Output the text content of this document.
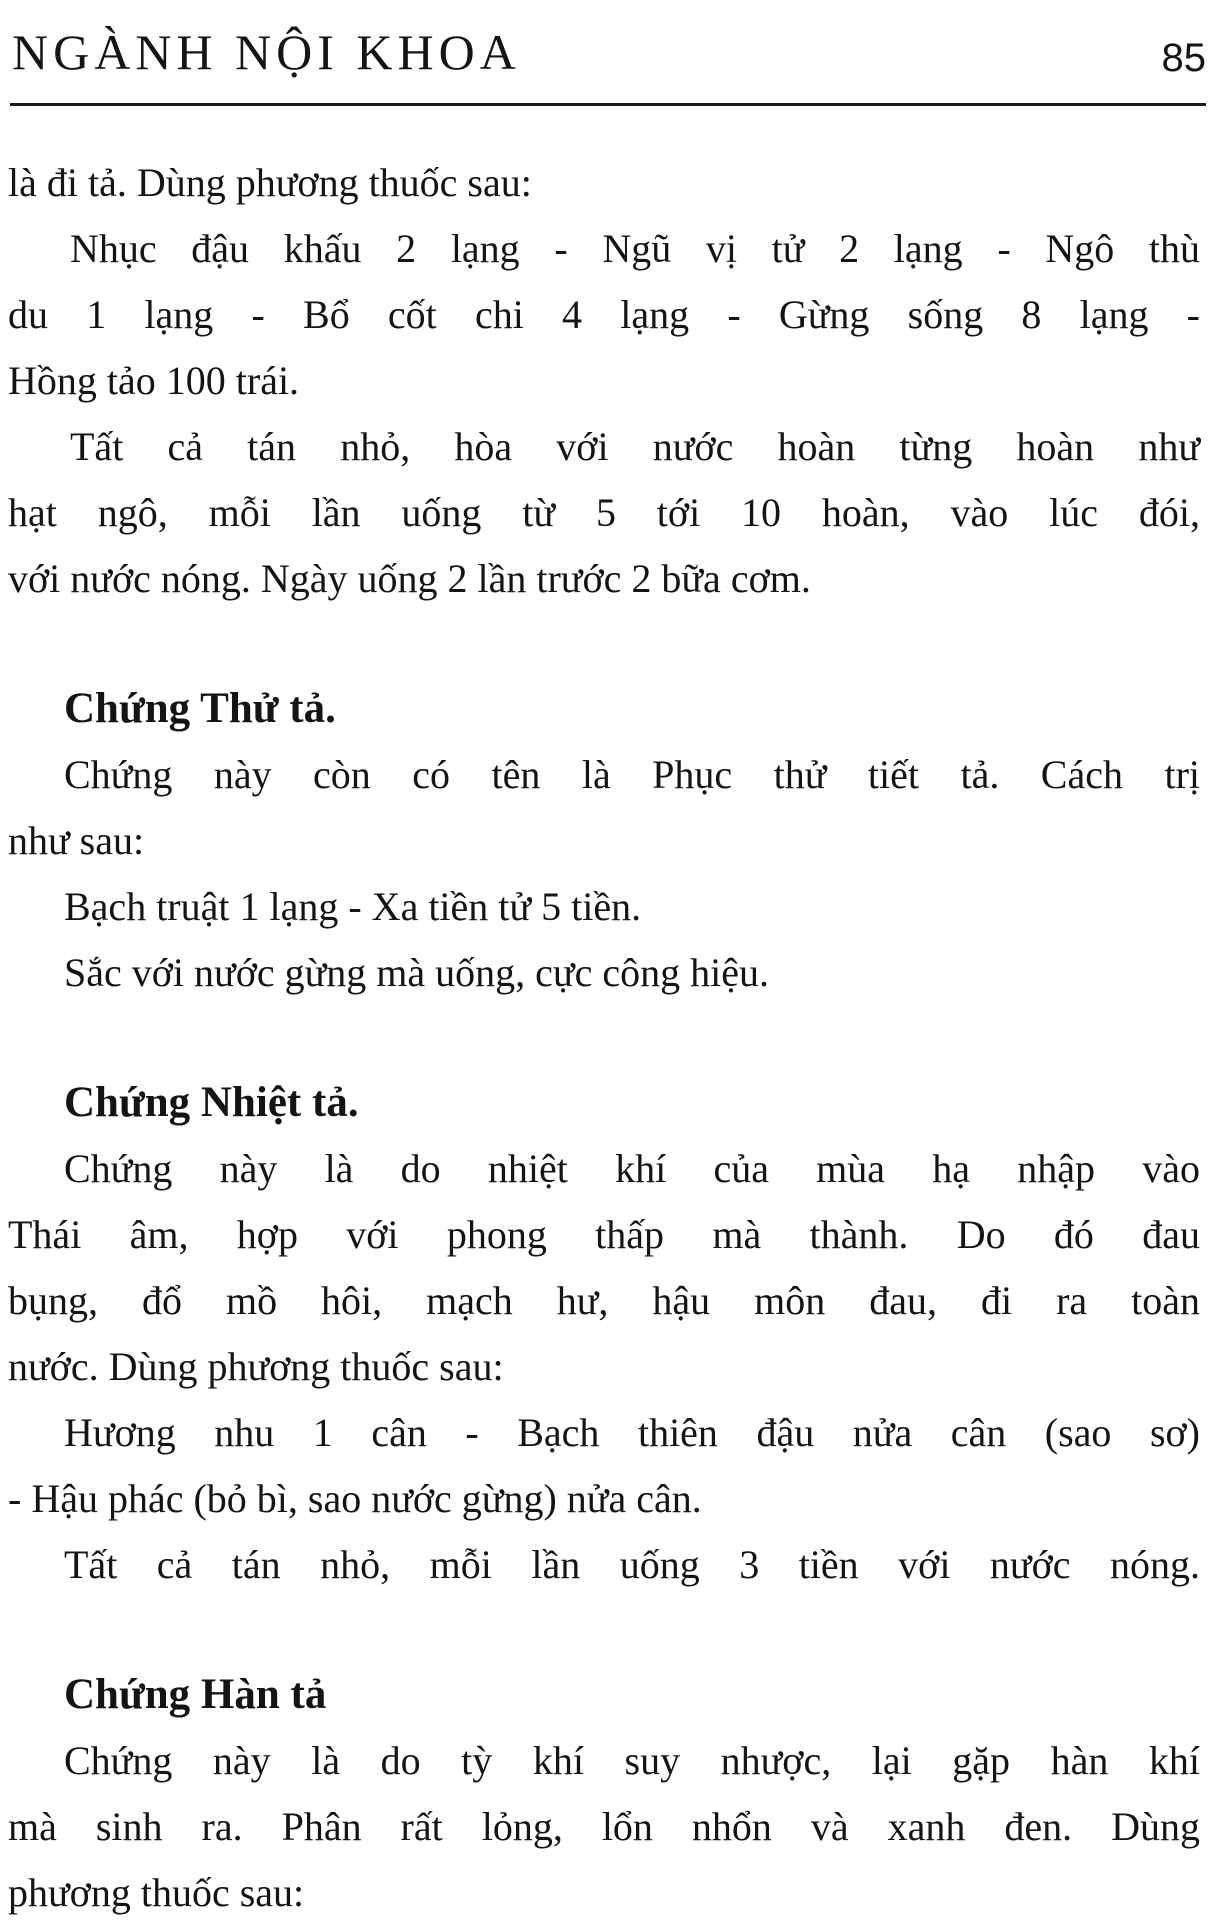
NGÀNH NỘI KHOA	85
là đi tả. Dùng phương thuốc sau:
Nhục đậu khấu 2 lạng - Ngũ vị tử 2 lạng - Ngô thù
du 1 lạng - Bổ cốt chi 4 lạng - Gừng sống 8 lạng -
Hồng tảo 100 trái.
Tất cả tán nhỏ, hòa với nước hoàn từng hoàn như
hạt ngô, mỗi lần uống từ 5 tới 10 hoàn, vào lúc đói,
với nước nóng. Ngày uống 2 lần trước 2 bữa cơm.
Chứng Thử tả.
Chứng này còn có tên là Phục thử tiết tả. Cách trị
như sau:
Bạch truật 1 lạng - Xa tiền tử 5 tiền.
Sắc với nước gừng mà uống, cực công hiệu.
Chứng Nhiệt tả.
Chứng này là do nhiệt khí của mùa hạ nhập vào
Thái âm, hợp với phong thấp mà thành. Do đó đau
bụng, đổ mồ hôi, mạch hư, hậu môn đau, đi ra toàn
nước. Dùng phương thuốc sau:
Hương nhu 1 cân - Bạch thiên đậu nửa cân (sao sơ)
- Hậu phác (bỏ bì, sao nước gừng) nửa cân.
Tất cả tán nhỏ, mỗi lần uống 3 tiền với nước nóng.
Chứng Hàn tả
Chứng này là do tỳ khí suy nhược, lại gặp hàn khí
mà sinh ra. Phân rất lỏng, lổn nhổn và xanh đen. Dùng
phương thuốc sau:
